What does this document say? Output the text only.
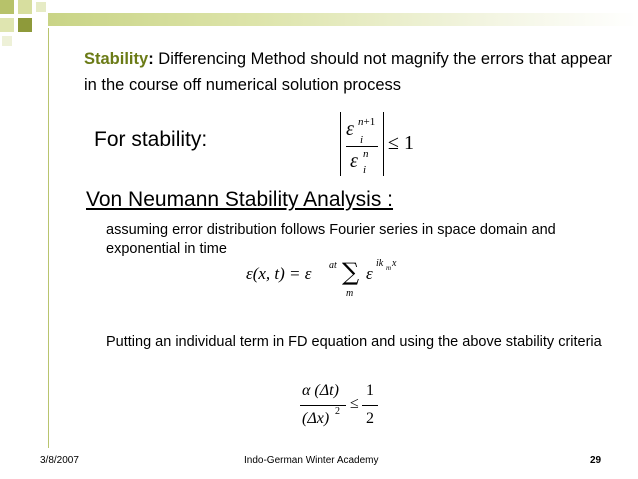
Stability: Differencing Method should not magnify the errors that appear in the course off numerical solution process
For stability:	ε n+1
i
ε n
i
≤ 1
Von Neumann Stability Analysis :
assuming error distribution follows Fourier series in space domain and exponential in time
ε(x, t) = ε at ∑
m
ε
ik m x
Putting an individual term in FD equation and using the above stability criteria
α (Δt)
(Δx) 2 ≤
1
2
3/8/2007	Indo-German Winter Academy	29
